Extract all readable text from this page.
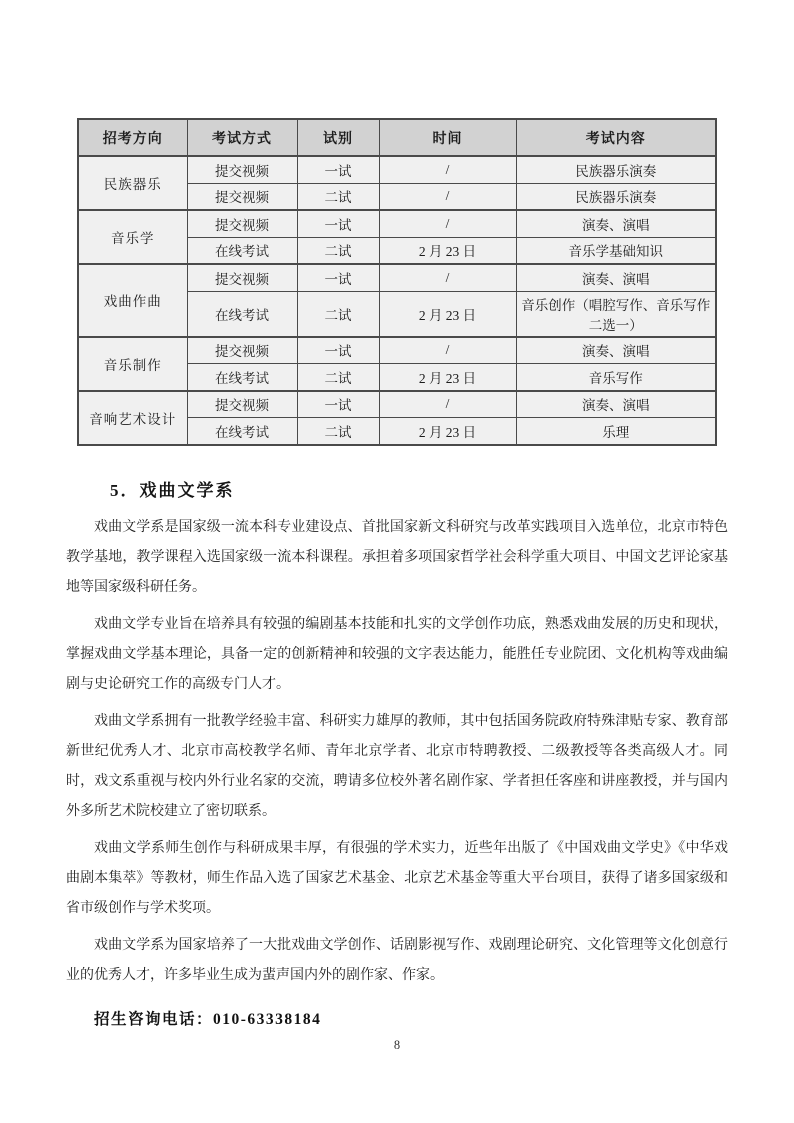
招考方向	考试方式	试别	时间	考试内容
民族器乐	提交视频	一试	/	民族器乐演奏
	提交视频	二试	/	民族器乐演奏
音乐学	提交视频	一试	/	演奏、演唱
	在线考试	二试	2 月 23 日	音乐学基础知识
戏曲作曲	提交视频	一试	/	演奏、演唱
	在线考试	二试	2 月 23 日	音乐创作（唱腔写作、音乐写作二选一）
音乐制作	提交视频	一试	/	演奏、演唱
	在线考试	二试	2 月 23 日	音乐写作
音响艺术设计	提交视频	一试	/	演奏、演唱
	在线考试	二试	2 月 23 日	乐理
5．戏曲文学系

戏曲文学系是国家级一流本科专业建设点、首批国家新文科研究与改革实践项目入选单位，北京市特色教学基地，教学课程入选国家级一流本科课程。承担着多项国家哲学社会科学重大项目、中国文艺评论家基地等国家级科研任务。

戏曲文学专业旨在培养具有较强的编剧基本技能和扎实的文学创作功底，熟悉戏曲发展的历史和现状，掌握戏曲文学基本理论，具备一定的创新精神和较强的文字表达能力，能胜任专业院团、文化机构等戏曲编剧与史论研究工作的高级专门人才。

戏曲文学系拥有一批教学经验丰富、科研实力雄厚的教师，其中包括国务院政府特殊津贴专家、教育部新世纪优秀人才、北京市高校教学名师、青年北京学者、北京市特聘教授、二级教授等各类高级人才。同时，戏文系重视与校内外行业名家的交流，聘请多位校外著名剧作家、学者担任客座和讲座教授，并与国内外多所艺术院校建立了密切联系。

戏曲文学系师生创作与科研成果丰厚，有很强的学术实力，近些年出版了《中国戏曲文学史》《中华戏曲剧本集萃》等教材，师生作品入选了国家艺术基金、北京艺术基金等重大平台项目，获得了诸多国家级和省市级创作与学术奖项。

戏曲文学系为国家培养了一大批戏曲文学创作、话剧影视写作、戏剧理论研究、文化管理等文化创意行业的优秀人才，许多毕业生成为蜚声国内外的剧作家、作家。

招生咨询电话：010-63338184
8
